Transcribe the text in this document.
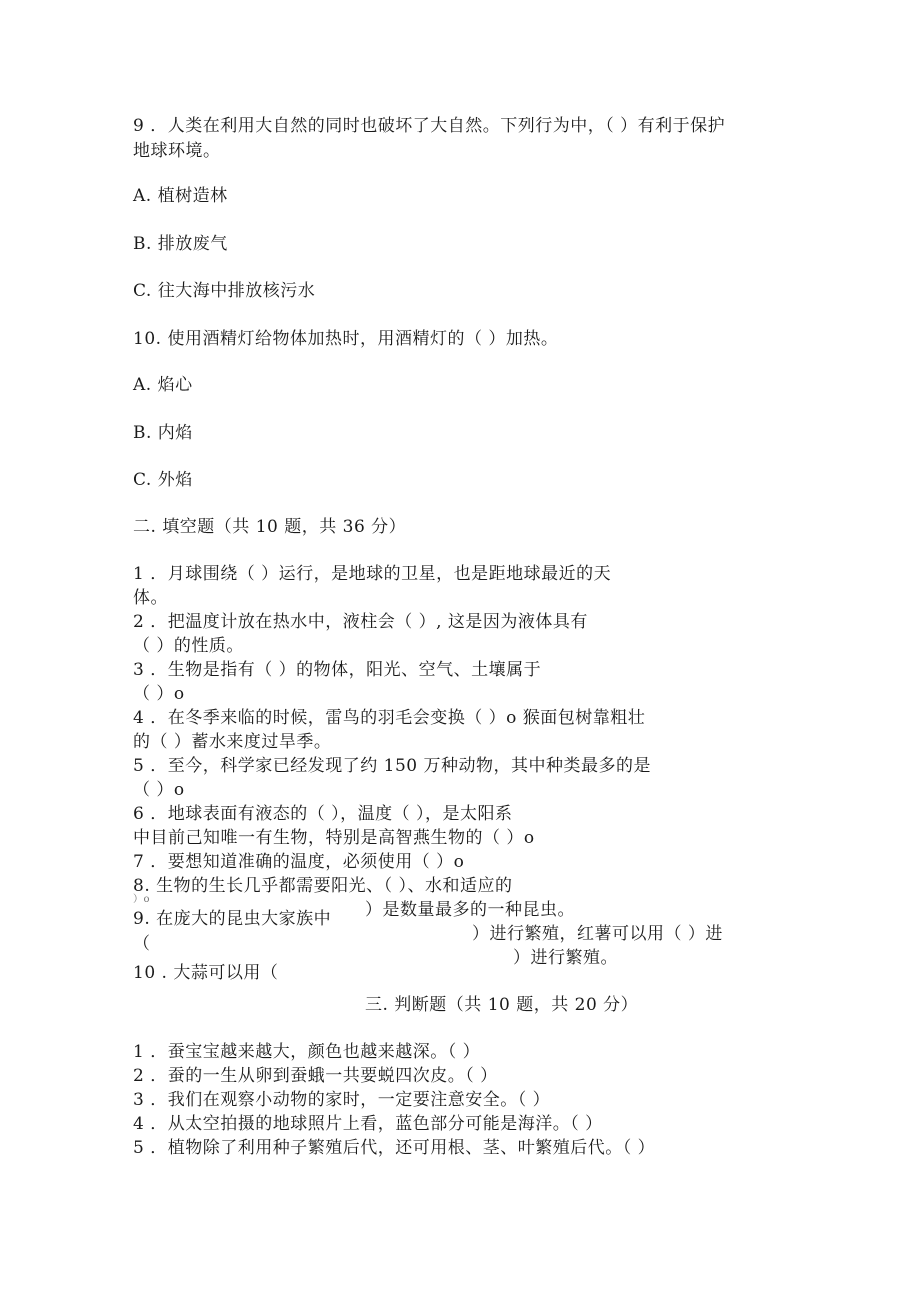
9 ．人类在利用大自然的同时也破坏了大自然。下列行为中，（ ）有利于保护
地球环境。
A. 植树造林
B. 排放废气
C. 往大海中排放核污水
10. 使用酒精灯给物体加热时，用酒精灯的（ ）加热。
A. 焰心
B. 内焰
C. 外焰
二. 填空题（共 10 题，共 36 分）
1 ．月球围绕（ ）运行，是地球的卫星，也是距地球最近的天
体。
2 ．把温度计放在热水中，液柱会（ ）, 这是因为液体具有
（ ）的性质。
3 ．生物是指有（ ）的物体，阳光、空气、土壤属于
（ ）o
4 ．在冬季来临的时候，雷鸟的羽毛会变换（ ）o 猴面包树靠粗壮
的（ ）蓄水来度过旱季。
5 ．至今，科学家已经发现了约 150 万种动物，其中种类最多的是
（ ）o
6 ．地球表面有液态的（ ），温度（ ），是太阳系
中目前己知唯一有生物，特别是高智燕生物的（ ）o
7 ．要想知道准确的温度，必须使用（ ）o
8. 生物的生长几乎都需要阳光、（ ）、水和适应的
）o
9. 在庞大的昆虫大家族中 ）是数量最多的一种昆虫。
（	）进行繁殖，红薯可以用（ ）进
10 . 大蒜可以用（
）进行繁殖。
三. 判断题（共 10 题，共 20 分）
1 ．蚕宝宝越来越大，颜色也越来越深。（ ）
2 ．蚕的一生从卵到蚕蛾一共要蜕四次皮。（ ）
3 ．我们在观察小动物的家时，一定要注意安全。（ ）
4 ．从太空拍摄的地球照片上看，蓝色部分可能是海洋。（ ）
5 ．植物除了利用种子繁殖后代，还可用根、茎、叶繁殖后代。（ ）
